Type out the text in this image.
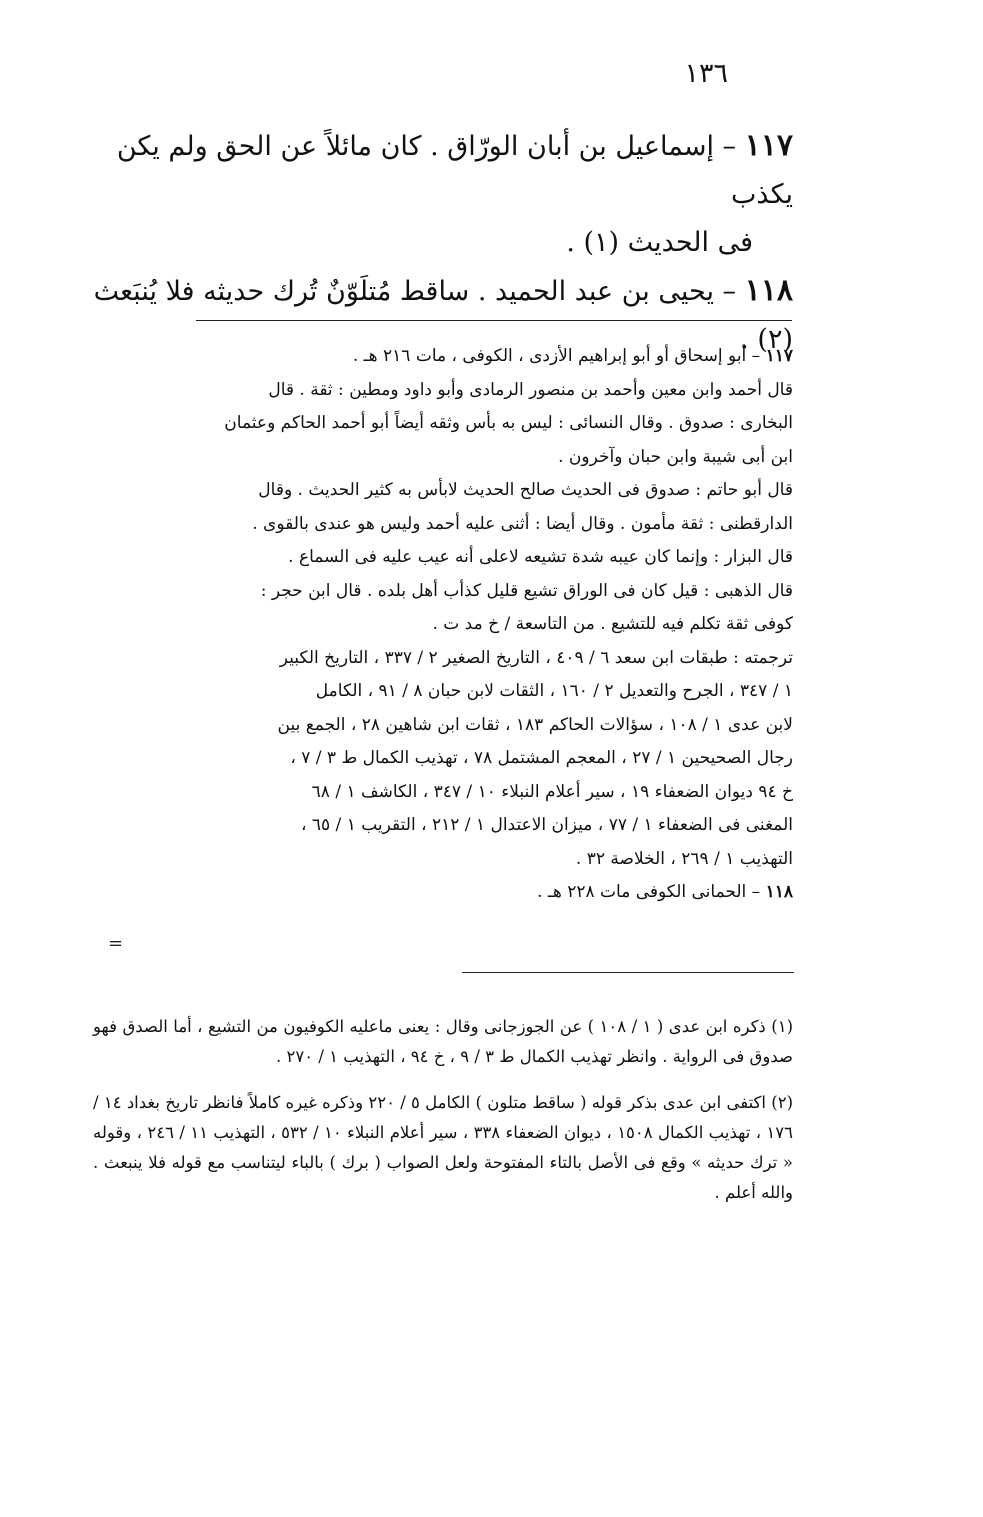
١٣٦

١١٧ – إسماعيل بن أبان الورّاق . كان مائلاً عن الحق ولم يكن يكذب

فى الحديث (١) .

١١٨ – يحيى بن عبد الحميد . ساقط مُتلَوّنٌ تُرك حديثه فلا يُنبَعث (٢) .

١١٧ – أبو إسحاق أو أبو إبراهيم الأزدى ، الكوفى ، مات ٢١٦ هـ .

قال أحمد وابن معين وأحمد بن منصور الرمادى وأبو داود ومطين : ثقة . قال

البخارى : صدوق . وقال النسائى : ليس به بأس وثقه أيضاً أبو أحمد الحاكم وعثمان

ابن أبى شيبة وابن حبان وآخرون .

قال أبو حاتم : صدوق فى الحديث صالح الحديث لابأس به كثير الحديث . وقال

الدارقطنى : ثقة مأمون . وقال أيضا : أثنى عليه أحمد وليس هو عندى بالقوى .

قال البزار : وإنما كان عيبه شدة تشيعه لاعلى أنه عيب عليه فى السماع .

قال الذهبى : قيل كان فى الوراق تشيع قليل كذأب أهل بلده . قال ابن حجر :

كوفى ثقة تكلم فيه للتشيع . من التاسعة / خ مد ت .

ترجمته : طبقات ابن سعد ٦ / ٤٠٩ ، التاريخ الصغير ٢ / ٣٣٧ ، التاريخ الكبير

١ / ٣٤٧ ، الجرح والتعديل ٢ / ١٦٠ ، الثقات لابن حبان ٨ / ٩١ ، الكامل

لابن عدى ١ / ١٠٨ ، سؤالات الحاكم ١٨٣ ، ثقات ابن شاهين ٢٨ ، الجمع بين

رجال الصحيحين ١ / ٢٧ ، المعجم المشتمل ٧٨ ، تهذيب الكمال ط ٣ / ٧ ،

خ ٩٤ ديوان الضعفاء ١٩ ، سير أعلام النبلاء ١٠ / ٣٤٧ ، الكاشف ١ / ٦٨

المغنى فى الضعفاء ١ / ٧٧ ، ميزان الاعتدال ١ / ٢١٢ ، التقريب ١ / ٦٥ ،

التهذيب ١ / ٢٦٩ ، الخلاصة ٣٢ .

١١٨ – الحمانى الكوفى مات ٢٢٨ هـ .

=

(١) ذكره ابن عدى ( ١ / ١٠٨ ) عن الجوزجانى وقال : يعنى ماعليه الكوفيون من التشيع ، أما الصدق فهو صدوق فى الرواية . وانظر تهذيب الكمال ط ٣ / ٩ ، خ ٩٤ ، التهذيب ١ / ٢٧٠ .

(٢) اكتفى ابن عدى بذكر قوله ( ساقط متلون ) الكامل ٥ / ٢٢٠ وذكره غيره كاملاً فانظر تاريخ بغداد ١٤ / ١٧٦ ، تهذيب الكمال ١٥٠٨ ، ديوان الضعفاء ٣٣٨ ، سير أعلام النبلاء ١٠ / ٥٣٢ ، التهذيب ١١ / ٢٤٦ ، وقوله « ترك حديثه » وقع فى الأصل بالتاء المفتوحة ولعل الصواب ( برك ) بالباء ليتناسب مع قوله فلا ينبعث . والله أعلم .
